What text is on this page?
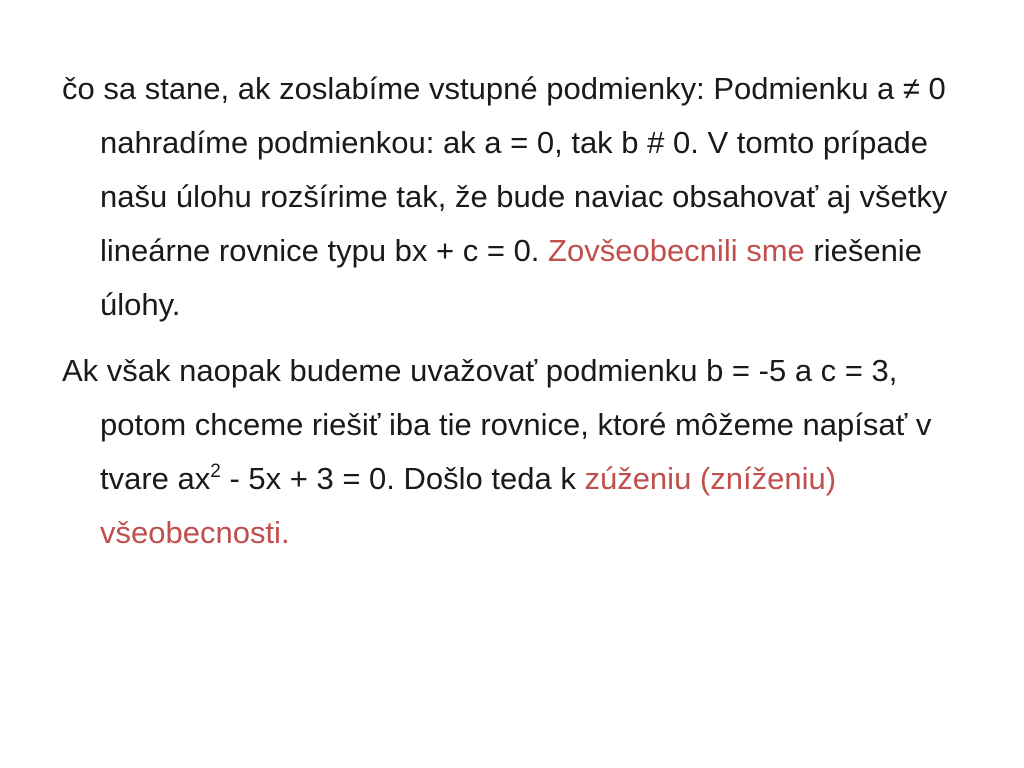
čo sa stane, ak zoslabíme vstupné podmienky: Podmienku a ≠ 0 nahradíme podmienkou: ak a = 0, tak b # 0. V tomto prípade našu úlohu rozšírime tak, že bude naviac obsahovať aj všetky lineárne rovnice typu bx + c = 0. Zovšeobecnili sme riešenie úlohy.

Ak však naopak budeme uvažovať podmienku b = -5 a c = 3, potom chceme riešiť iba tie rovnice, ktoré môžeme napísať v tvare $ax^2 - 5x + 3 = 0$. Došlo teda k zúženiu (zníženiu) všeobecnosti.
